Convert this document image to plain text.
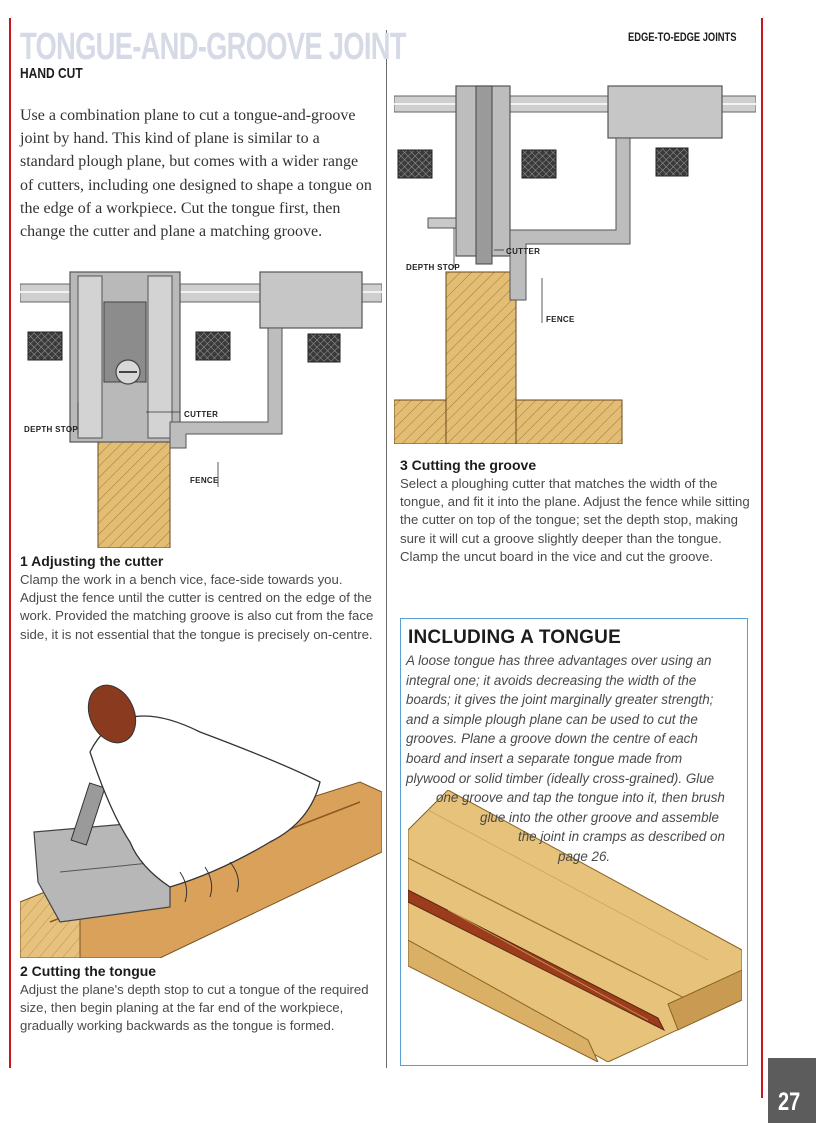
TONGUE-AND-GROOVE JOINT
HAND CUT
EDGE-TO-EDGE JOINTS

Use a combination plane to cut a tongue-and-groove joint by hand. This kind of plane is similar to a standard plough plane, but comes with a wider range of cutters, including one designed to shape a tongue on the edge of a workpiece. Cut the tongue first, then change the cutter and plane a matching groove.

CUTTER
DEPTH STOP
FENCE
1 Adjusting the cutter

Clamp the work in a bench vice, face-side towards you. Adjust the fence until the cutter is centred on the edge of the work. Provided the matching groove is also cut from the face side, it is not essential that the tongue is precisely on-centre.

2 Cutting the tongue

Adjust the plane's depth stop to cut a tongue of the required size, then begin planing at the far end of the workpiece, gradually working backwards as the tongue is formed.

CUTTER
DEPTH STOP
FENCE
3 Cutting the groove

Select a ploughing cutter that matches the width of the tongue, and fit it into the plane. Adjust the fence while sitting the cutter on top of the tongue; set the depth stop, making sure it will cut a groove slightly deeper than the tongue. Clamp the uncut board in the vice and cut the groove.

INCLUDING A TONGUE
A loose tongue has three advantages over using an
integral one; it avoids decreasing the width of the
boards; it gives the joint marginally greater strength;
and a simple plough plane can be used to cut the
grooves. Plane a groove down the centre of each
board and insert a separate tongue made from
plywood or solid timber (ideally cross-grained). Glue
one groove and tap the tongue into it, then brush
glue into the other groove and assemble
the joint in cramps as described on
page 26.
27
